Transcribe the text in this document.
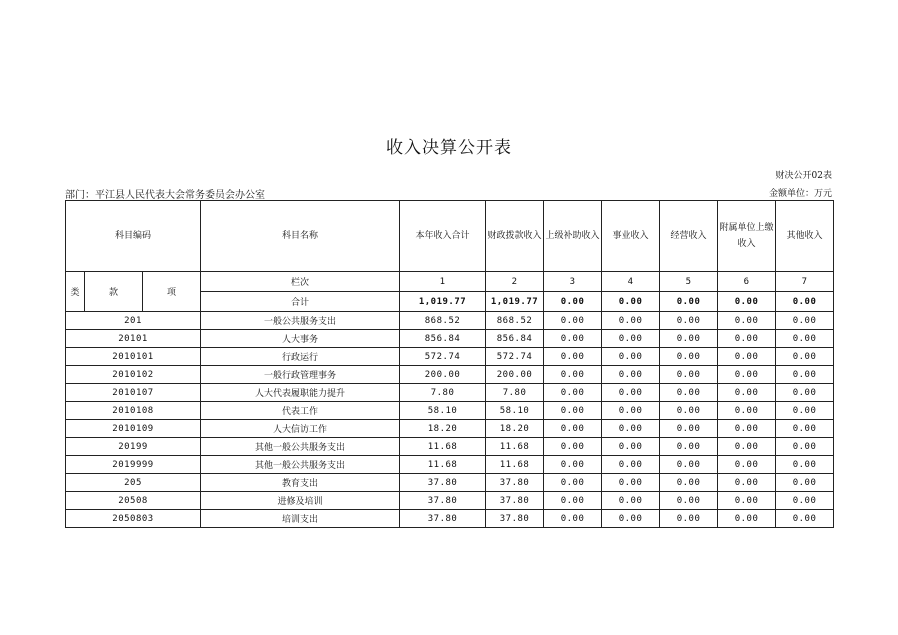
收入决算公开表
财决公开02表
部门：平江县人民代表大会常务委员会办公室	金额单位：万元
科目编码			科目名称	本年收入合计	财政拨款收入	上级补助收入	事业收入	经营收入	附属单位上缴收入	其他收入
类	款	项	栏次	1	2	3	4	5	6	7
			合计	1,019.77	1,019.77	0.00	0.00	0.00	0.00	0.00
201			一般公共服务支出	868.52	868.52	0.00	0.00	0.00	0.00	0.00
20101			人大事务	856.84	856.84	0.00	0.00	0.00	0.00	0.00
2010101			行政运行	572.74	572.74	0.00	0.00	0.00	0.00	0.00
2010102			一般行政管理事务	200.00	200.00	0.00	0.00	0.00	0.00	0.00
2010107			人大代表履职能力提升	7.80	7.80	0.00	0.00	0.00	0.00	0.00
2010108			代表工作	58.10	58.10	0.00	0.00	0.00	0.00	0.00
2010109			人大信访工作	18.20	18.20	0.00	0.00	0.00	0.00	0.00
20199			其他一般公共服务支出	11.68	11.68	0.00	0.00	0.00	0.00	0.00
2019999			其他一般公共服务支出	11.68	11.68	0.00	0.00	0.00	0.00	0.00
205			教育支出	37.80	37.80	0.00	0.00	0.00	0.00	0.00
20508			进修及培训	37.80	37.80	0.00	0.00	0.00	0.00	0.00
2050803			培训支出	37.80	37.80	0.00	0.00	0.00	0.00	0.00
